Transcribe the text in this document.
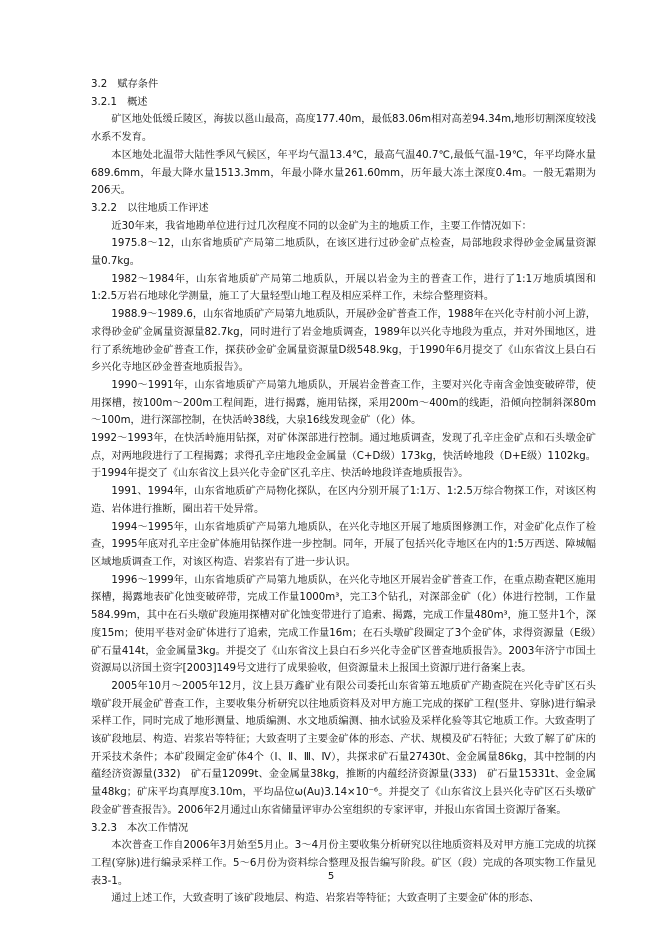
3.2　赋存条件

3.2.1　概述

矿区地处低缓丘陵区，海拔以邕山最高，高度177.40m，最低83.06m相对高差94.34m,地形切割深度较浅水系不发育。

本区地处北温带大陆性季风气候区，年平均气温13.4℃，最高气温40.7℃,最低气温-19℃，年平均降水量689.6mm，年最大降水量1513.3mm，年最小降水量261.60mm，历年最大冻土深度0.4m。一般无霜期为206天。

3.2.2　以往地质工作评述

近30年来，我省地勘单位进行过几次程度不同的以金矿为主的地质工作，主要工作情况如下：

1975.8～12，山东省地质矿产局第二地质队，在该区进行过砂金矿点检查，局部地段求得砂金金属量资源量0.7kg。

1982～1984年，山东省地质矿产局第二地质队，开展以岩金为主的普查工作，进行了1:1万地质填图和1:2.5万岩石地球化学测量，施工了大量轻型山地工程及相应采样工作，未综合整理资料。

1988.9～1989.6，山东省地质矿产局第九地质队，开展砂金矿普查工作，1988年在兴化寺村前小河上游，求得砂金矿金属量资源量82.7kg，同时进行了岩金地质调查，1989年以兴化寺地段为重点，并对外围地区，进行了系统地砂金矿普查工作，探获砂金矿金属量资源量D级548.9kg，于1990年6月提交了《山东省汶上县白石乡兴化寺地区砂金普查地质报告》。

1990～1991年，山东省地质矿产局第九地质队，开展岩金普查工作，主要对兴化寺南含金蚀变破碎带，使用探槽，按100m～200m工程间距，进行揭露，施用钻探，采用200m～400m的线距，沿倾向控制斜深80m～100m，进行深部控制，在快活岭38线，大泉16线发现金矿（化）体。

1992～1993年，在快活岭施用钻探，对矿体深部进行控制。通过地质调查，发现了孔辛庄金矿点和石头墩金矿点，对两地段进行了工程揭露；求得孔辛庄地段金金属量（C+D级）173kg，快活岭地段（D+E级）1102kg。于1994年提交了《山东省汶上县兴化寺金矿区孔辛庄、快活岭地段详查地质报告》。

1991、1994年，山东省地质矿产局物化探队，在区内分别开展了1:1万、1:2.5万综合物探工作，对该区构造、岩体进行推断，圈出若干处异常。

1994～1995年，山东省地质矿产局第九地质队，在兴化寺地区开展了地质图修测工作，对金矿化点作了检查，1995年底对孔辛庄金矿体施用钻探作进一步控制。同年，开展了包括兴化寺地区在内的1:5万西送、障城幅区域地质调查工作，对该区构造、岩浆岩有了进一步认识。

1996～1999年，山东省地质矿产局第九地质队，在兴化寺地区开展岩金矿普查工作，在重点勘查靶区施用探槽，揭露地表矿化蚀变破碎带，完成工作量1000m³，完工3个钻孔，对深部金矿（化）体进行控制，工作量584.99m，其中在石头墩矿段施用探槽对矿化蚀变带进行了追索、揭露，完成工作量480m³，施工竖井1个，深度15m；使用平巷对金矿体进行了追索，完成工作量16m；在石头墩矿段圈定了3个金矿体，求得资源量（E级）矿石量414t，金金属量3kg。并提交了《山东省汶上县白石乡兴化寺金矿区普查地质报告》。2003年济宁市国土资源局以济国土资字[2003]149号文进行了成果验收，但资源量未上报国土资源厅进行备案上表。

2005年10月～2005年12月，汶上县万鑫矿业有限公司委托山东省第五地质矿产勘查院在兴化寺矿区石头墩矿段开展金矿普查工作，主要收集分析研究以往地质资料及对甲方施工完成的探矿工程(竖井、穿脉)进行编录采样工作，同时完成了地形测量、地质编测、水文地质编测、抽水试验及采样化验等其它地质工作。大致查明了该矿段地层、构造、岩浆岩等特征；大致查明了主要金矿体的形态、产状、规模及矿石特征；大致了解了矿床的开采技术条件；本矿段圈定金矿体4个（Ⅰ、Ⅱ、Ⅲ、Ⅳ），共探求矿石量27430t、金金属量86kg，其中控制的内蕴经济资源量(332)　矿石量12099t、金金属量38kg，推断的内蕴经济资源量(333)　矿石量15331t、金金属量48kg；矿床平均真厚度3.10m，平均品位ω(Au)3.14×10⁻⁶。并提交了《山东省汶上县兴化寺矿区石头墩矿段金矿普查报告》。2006年2月通过山东省储量评审办公室组织的专家评审，并报山东省国土资源厅备案。

3.2.3　本次工作情况

本次普查工作自2006年3月始至5月止。3～4月份主要收集分析研究以往地质资料及对甲方施工完成的坑探工程(穿脉)进行编录采样工作。5～6月份为资料综合整理及报告编写阶段。矿区（段）完成的各项实物工作量见表3-1。

通过上述工作，大致查明了该矿段地层、构造、岩浆岩等特征；大致查明了主要金矿体的形态、

5
